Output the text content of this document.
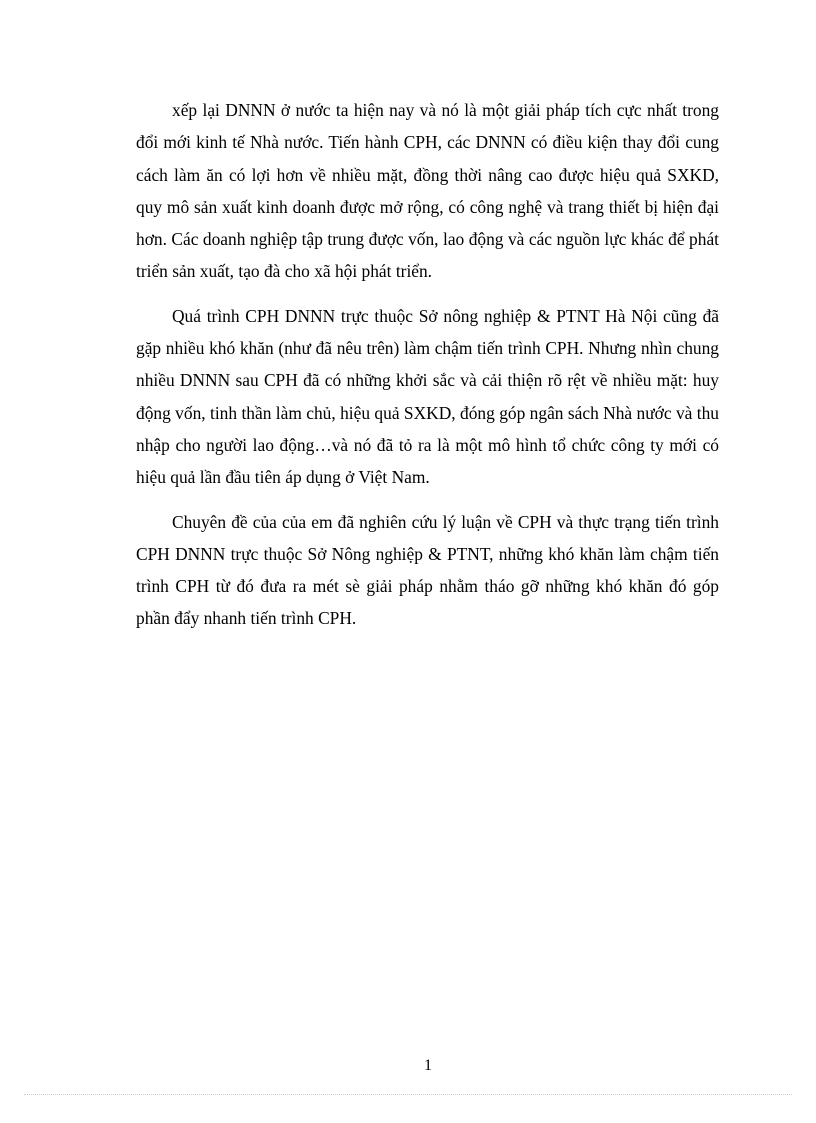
xếp lại DNNN ở nước ta hiện nay và nó là một giải pháp tích cực nhất trong đổi mới kinh tế Nhà nước. Tiến hành CPH, các DNNN có điều kiện thay đổi cung cách làm ăn có lợi hơn về nhiều mặt, đồng thời nâng cao được hiệu quả SXKD, quy mô sản xuất kinh doanh được mở rộng, có công nghệ và trang thiết bị hiện đại hơn. Các doanh nghiệp tập trung được vốn, lao động và các nguồn lực khác để phát triển sản xuất, tạo đà cho xã hội phát triển.

Quá trình CPH DNNN trực thuộc Sở nông nghiệp & PTNT Hà Nội cũng đã gặp nhiều khó khăn (như đã nêu trên) làm chậm tiến trình CPH. Nhưng nhìn chung nhiều DNNN sau CPH đã có những khởi sắc và cải thiện rõ rệt về nhiều mặt: huy động vốn, tinh thần làm chủ, hiệu quả SXKD, đóng góp ngân sách Nhà nước và thu nhập cho người lao động…và nó đã tỏ ra là một mô hình tổ chức công ty mới có hiệu quả lần đầu tiên áp dụng ở Việt Nam.

Chuyên đề của của em đã nghiên cứu lý luận về CPH và thực trạng tiến trình CPH DNNN trực thuộc Sở Nông nghiệp & PTNT, những khó khăn làm chậm tiến trình CPH từ đó đưa ra mét sè giải pháp nhằm tháo gỡ những khó khăn đó góp phần đẩy nhanh tiến trình CPH.

1
